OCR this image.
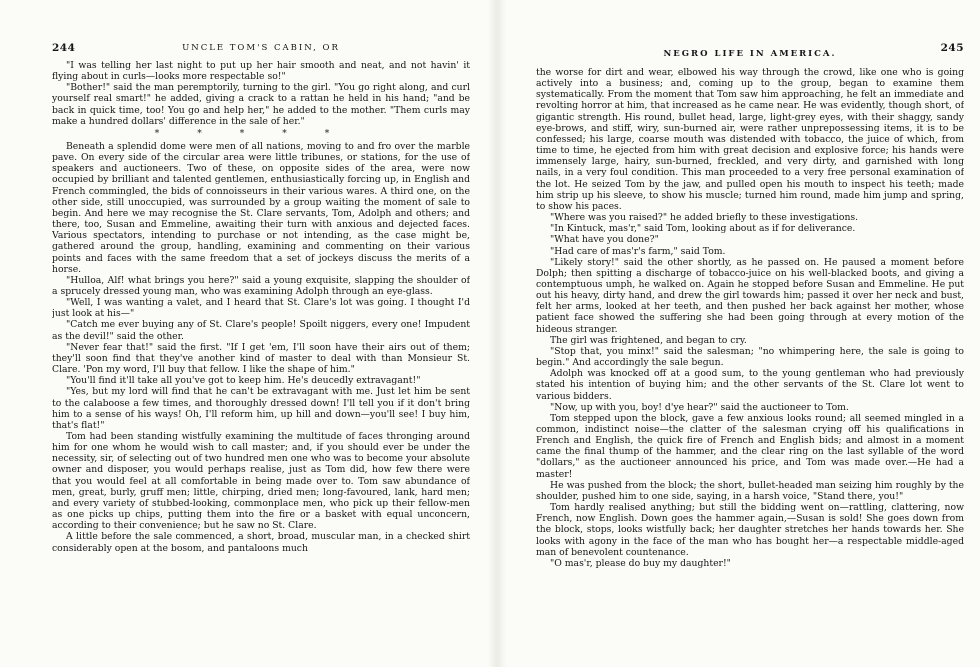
244	UNCLE TOM'S CABIN, OR

"I was telling her last night to put up her hair smooth and neat, and not havin' it flying about in curls—looks more respectable so!"

"Bother!" said the man peremptorily, turning to the girl. "You go right along, and curl yourself real smart!" he added, giving a crack to a rattan he held in his hand; "and be back in quick time, too! You go and help her," he added to the mother. "Them curls may make a hundred dollars' difference in the sale of her."

*****

Beneath a splendid dome were men of all nations, moving to and fro over the marble pave. On every side of the circular area were little tribunes, or stations, for the use of speakers and auctioneers. Two of these, on opposite sides of the area, were now occupied by brilliant and talented gentlemen, enthusiastically forcing up, in English and French commingled, the bids of connoisseurs in their various wares. A third one, on the other side, still unoccupied, was surrounded by a group waiting the moment of sale to begin. And here we may recognise the St. Clare servants, Tom, Adolph and others; and there, too, Susan and Emmeline, awaiting their turn with anxious and dejected faces. Various spectators, intending to purchase or not intending, as the case might be, gathered around the group, handling, examining and commenting on their various points and faces with the same freedom that a set of jockeys discuss the merits of a horse.

"Hulloa, Alf! what brings you here?" said a young exquisite, slapping the shoulder of a sprucely dressed young man, who was examining Adolph through an eye-glass.

"Well, I was wanting a valet, and I heard that St. Clare's lot was going. I thought I'd just look at his—"

"Catch me ever buying any of St. Clare's people! Spoilt niggers, every one! Impudent as the devil!" said the other.

"Never fear that!" said the first. "If I get 'em, I'll soon have their airs out of them; they'll soon find that they've another kind of master to deal with than Monsieur St. Clare. 'Pon my word, I'll buy that fellow. I like the shape of him."

"You'll find it'll take all you've got to keep him. He's deucedly extravagant!"

"Yes, but my lord will find that he can't be extravagant with me. Just let him be sent to the calaboose a few times, and thoroughly dressed down! I'll tell you if it don't bring him to a sense of his ways! Oh, I'll reform him, up hill and down—you'll see! I buy him, that's flat!"

Tom had been standing wistfully examining the multitude of faces thronging around him for one whom he would wish to call master; and, if you should ever be under the necessity, sir, of selecting out of two hundred men one who was to become your absolute owner and disposer, you would perhaps realise, just as Tom did, how few there were that you would feel at all comfortable in being made over to. Tom saw abundance of men, great, burly, gruff men; little, chirping, dried men; long-favoured, lank, hard men; and every variety of stubbed-looking, commonplace men, who pick up their fellow-men as one picks up chips, putting them into the fire or a basket with equal unconcern, according to their convenience; but he saw no St. Clare.

A little before the sale commenced, a short, broad, muscular man, in a checked shirt considerably open at the bosom, and pantaloons much

NEGRO LIFE IN AMERICA.	245

the worse for dirt and wear, elbowed his way through the crowd, like one who is going actively into a business; and, coming up to the group, began to examine them systematically. From the moment that Tom saw him approaching, he felt an immediate and revolting horror at him, that increased as he came near. He was evidently, though short, of gigantic strength. His round, bullet head, large, light-grey eyes, with their shaggy, sandy eye-brows, and stiff, wiry, sun-burned air, were rather unprepossessing items, it is to be confessed; his large, coarse mouth was distended with tobacco, the juice of which, from time to time, he ejected from him with great decision and explosive force; his hands were immensely large, hairy, sun-burned, freckled, and very dirty, and garnished with long nails, in a very foul condition. This man proceeded to a very free personal examination of the lot. He seized Tom by the jaw, and pulled open his mouth to inspect his teeth; made him strip up his sleeve, to show his muscle; turned him round, made him jump and spring, to show his paces.

"Where was you raised?" he added briefly to these investigations.

"In Kintuck, mas'r," said Tom, looking about as if for deliverance.

"What have you done?"

"Had care of mas'r's farm," said Tom.

"Likely story!" said the other shortly, as he passed on. He paused a moment before Dolph; then spitting a discharge of tobacco-juice on his well-blacked boots, and giving a contemptuous umph, he walked on. Again he stopped before Susan and Emmeline. He put out his heavy, dirty hand, and drew the girl towards him; passed it over her neck and bust, felt her arms, looked at her teeth, and then pushed her back against her mother, whose patient face showed the suffering she had been going through at every motion of the hideous stranger.

The girl was frightened, and began to cry.

"Stop that, you minx!" said the salesman; "no whimpering here, the sale is going to begin." And accordingly the sale begun.

Adolph was knocked off at a good sum, to the young gentleman who had previously stated his intention of buying him; and the other servants of the St. Clare lot went to various bidders.

"Now, up with you, boy! d'ye hear?" said the auctioneer to Tom.

Tom stepped upon the block, gave a few anxious looks round; all seemed mingled in a common, indistinct noise—the clatter of the salesman crying off his qualifications in French and English, the quick fire of French and English bids; and almost in a moment came the final thump of the hammer, and the clear ring on the last syllable of the word "dollars," as the auctioneer announced his price, and Tom was made over.—He had a master!

He was pushed from the block; the short, bullet-headed man seizing him roughly by the shoulder, pushed him to one side, saying, in a harsh voice, "Stand there, you!"

Tom hardly realised anything; but still the bidding went on—rattling, clattering, now French, now English. Down goes the hammer again,—Susan is sold! She goes down from the block, stops, looks wistfully back; her daughter stretches her hands towards her. She looks with agony in the face of the man who has bought her—a respectable middle-aged man of benevolent countenance.

"O mas'r, please do buy my daughter!"
